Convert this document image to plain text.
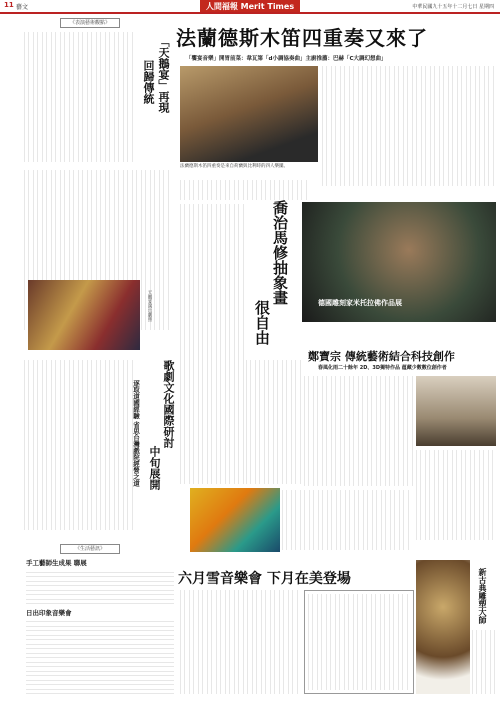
11 藝文	人間福報 Merit Times	中華民國九十五年十二月七日 星期四
《表演藝術觀點》
「天鵝宴」再現
回歸傳統
天鵝宴演出劇照
歌劇文化國際研討
中旬展開
逐取道國經驗 省思台灣戲院經營之道
《生活藝訊》
手工藝師生成果 聯展
日出印象音樂會
法蘭德斯木笛四重奏又來了
「饗宴音樂」開胃前菜：韋瓦第「d小調協奏曲」主廚推薦：巴赫「C大調幻想曲」
法蘭德斯木笛四重奏是來自荷蘭與比利時的四人樂團。
喬治馬修抽象畫
很自由	德國雕刻家米托拉佛作品展
鄭寶宗 傳統藝術結合科技創作
春風化雨二十餘年 2D、3D獨特作品 蕴藏少數數位創作者
六月雪音樂會 下月在美登場	新古典雕塑大師
